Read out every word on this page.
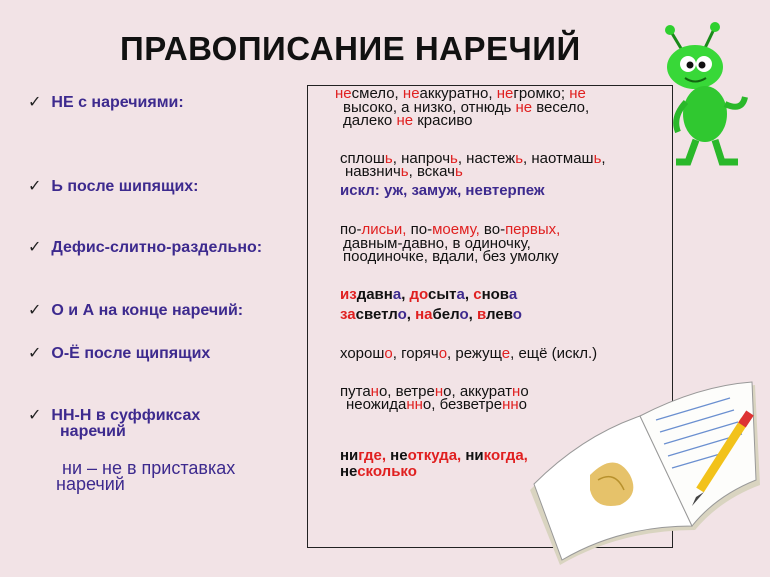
ПРАВОПИСАНИЕ НАРЕЧИЙ
✓ НЕ с наречиями:
✓ Ь после шипящих:
✓ Дефис-слитно-раздельно:
✓ О и А на конце наречий:
✓ О-Ё после щипящих
✓ НН-Н в суффиксах
наречий
ни – не в приставках
наречий
несмело, неаккуратно, негромко; не
высоко, а низко, отнюдь не весело,
далеко не красиво
сплошь, напрочь, настежь, наотмашь,
навзничь, вскачь
искл: уж, замуж, невтерпеж
по-лисьи, по-моему, во-первых,
давным-давно, в одиночку,
поодиночке, вдали, без умолку
издавна, досыта, снова
засветло, набело, влево
хорошо, горячо, режуще, ещё (искл.)
путано, ветрено, аккуратно
неожиданно, безветренно
нигде, неоткуда, никогда,
несколько
